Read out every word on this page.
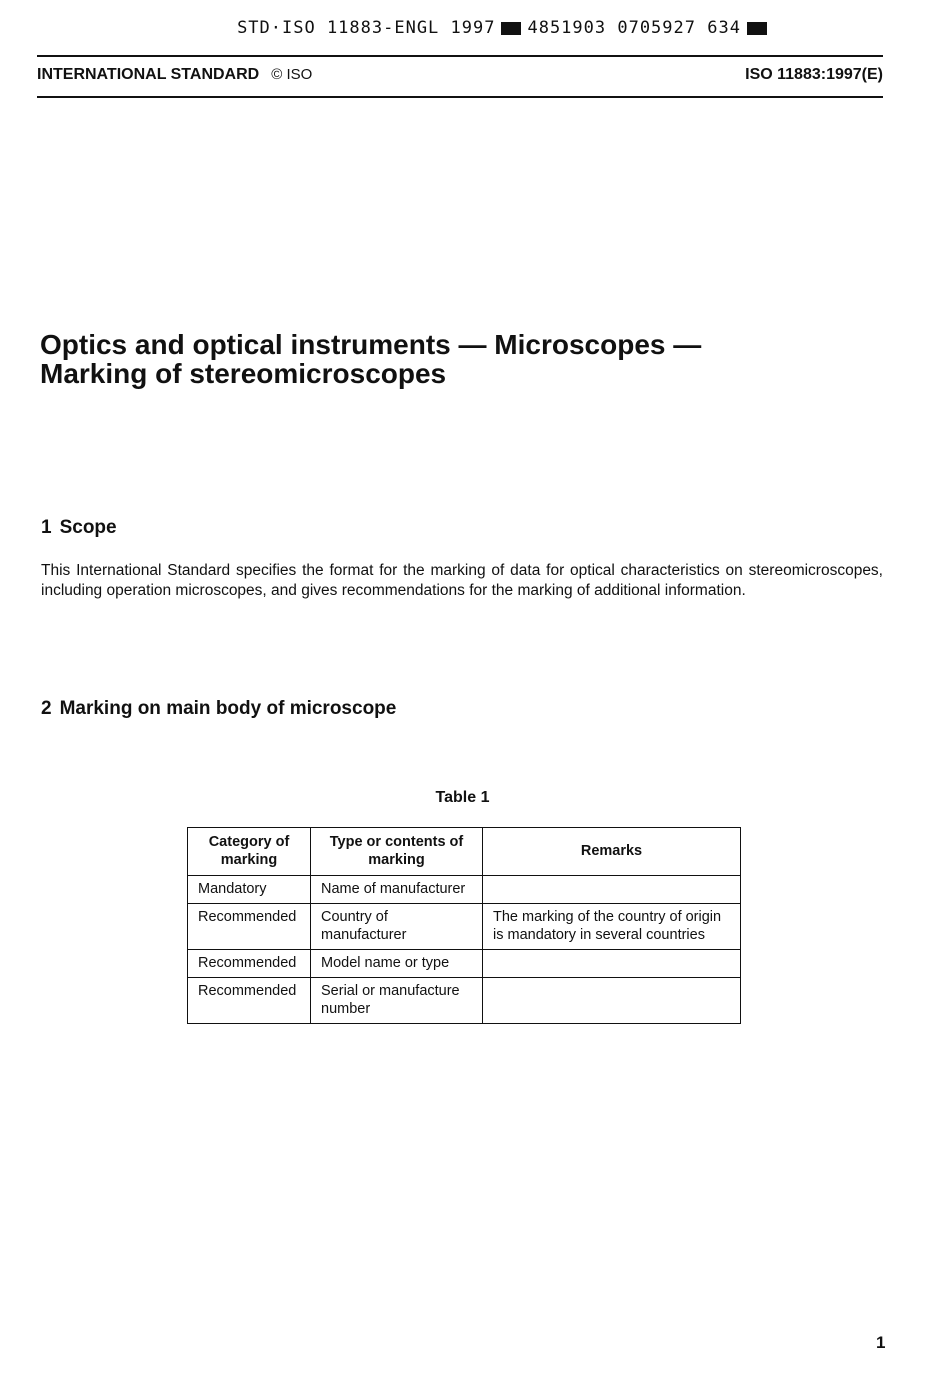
STD·ISO 11883-ENGL 1997 4851903 0705927 634
INTERNATIONAL STANDARD © ISO	ISO 11883:1997(E)
Optics and optical instruments — Microscopes —
Marking of stereomicroscopes
1 Scope

This International Standard specifies the format for the marking of data for optical characteristics on stereomicroscopes, including operation microscopes, and gives recommendations for the marking of additional information.

2 Marking on main body of microscope
Table 1
Category of marking	Type or contents of marking	Remarks
Mandatory	Name of manufacturer	
Recommended	Country of manufacturer	The marking of the country of origin is mandatory in several countries
Recommended	Model name or type	
Recommended	Serial or manufacture number	
1
